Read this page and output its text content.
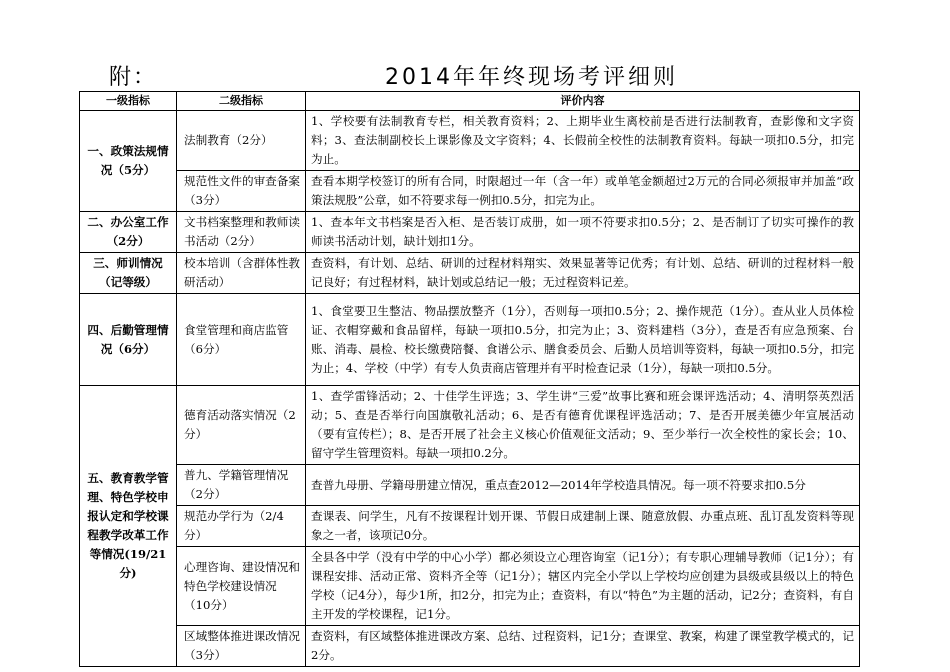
附：	2014年年终现场考评细则
一级指标	二级指标	评价内容
一、政策法规情况（5分）	法制教育（2分）	1、学校要有法制教育专栏，相关教育资料；2、上期毕业生离校前是否进行法制教育，查影像和文字资料；3、查法制副校长上课影像及文字资料；4、长假前全校性的法制教育资料。每缺一项扣0.5分，扣完为止。
	规范性文件的审查备案（3分）	查看本期学校签订的所有合同，时限超过一年（含一年）或单笔金额超过2万元的合同必须报审并加盖“政策法规股”公章，如不符要求每一例扣0.5分，扣完为止。
二、办公室工作（2分）	文书档案整理和教师读书活动（2分）	1、查本年文书档案是否入柜、是否装订成册，如一项不符要求扣0.5分；2、是否制订了切实可操作的教师读书活动计划，缺计划扣1分。
三、师训情况（记等级）	校本培训（含群体性教研活动）	查资料，有计划、总结、研训的过程材料翔实、效果显著等记优秀；有计划、总结、研训的过程材料一般记良好；有过程材料，缺计划或总结记一般；无过程资料记差。
四、后勤管理情况（6分）	食堂管理和商店监管（6分）	1、食堂要卫生整洁、物品摆放整齐（1分），否则每一项扣0.5分；2、操作规范（1分）。查从业人员体检证、衣帽穿戴和食品留样，每缺一项扣0.5分，扣完为止；3、资料建档（3分），查是否有应急预案、台账、消毒、晨检、校长缴费陪餐、食谱公示、膳食委员会、后勤人员培训等资料，每缺一项扣0.5分，扣完为止；4、学校（中学）有专人负责商店管理并有平时检查记录（1分），每缺一项扣0.5分。
五、教育教学管理、特色学校申报认定和学校课程教学改革工作等情况(19/21分)	德育活动落实情况（2分）	1、查学雷锋活动；2、十佳学生评选；3、学生讲“三爱”故事比赛和班会课评选活动；4、清明祭英烈活动；5、查是否举行向国旗敬礼活动；6、是否有德育优课程评选活动；7、是否开展美德少年宣展活动（要有宣传栏）；8、是否开展了社会主义核心价值观征文活动；9、至少举行一次全校性的家长会；10、留守学生管理资料。每缺一项扣0.2分。
	普九、学籍管理情况（2分）	查普九母册、学籍母册建立情况，重点查2012—2014年学校造具情况。每一项不符要求扣0.5分
	规范办学行为（2/4分）	查课表、问学生，凡有不按课程计划开课、节假日成建制上课、随意放假、办重点班、乱订乱发资料等现象之一者，该项记0分。
	心理咨询、建设情况和特色学校建设情况（10分）	全县各中学（没有中学的中心小学）都必须设立心理咨询室（记1分）；有专职心理辅导教师（记1分）；有课程安排、活动正常、资料齐全等（记1分）；辖区内完全小学以上学校均应创建为县级或县级以上的特色学校（记4分），每少1所，扣2分，扣完为止；查资料，有以“特色”为主题的活动，记2分；查资料，有自主开发的学校课程，记1分。
	区域整体推进课改情况（3分）	查资料，有区域整体推进课改方案、总结、过程资料，记1分；查课堂、教案，构建了课堂教学模式的，记2分。
